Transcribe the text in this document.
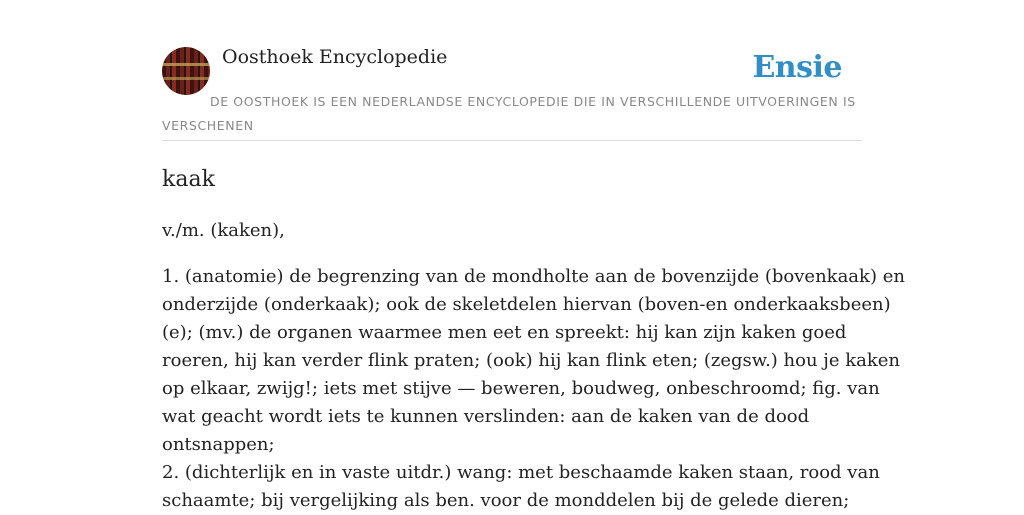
Oosthoek Encyclopedie	Ensie
DE OOSTHOEK IS EEN NEDERLANDSE ENCYCLOPEDIE DIE IN VERSCHILLENDE UITVOERINGEN IS VERSCHENEN
kaak

v./m. (kaken),

1. (anatomie) de begrenzing van de mondholte aan de bovenzijde (bovenkaak) en
onderzijde (onderkaak); ook de skeletdelen hiervan (boven-en onderkaaksbeen)
(e); (mv.) de organen waarmee men eet en spreekt: hij kan zijn kaken goed
roeren, hij kan verder flink praten; (ook) hij kan flink eten; (zegsw.) hou je kaken
op elkaar, zwijg!; iets met stijve — beweren, boudweg, onbeschroomd; fig. van
wat geacht wordt iets te kunnen verslinden: aan de kaken van de dood
ontsnappen;
2. (dichterlijk en in vaste uitdr.) wang: met beschaamde kaken staan, rood van
schaamte; bij vergelijking als ben. voor de monddelen bij de gelede dieren;
